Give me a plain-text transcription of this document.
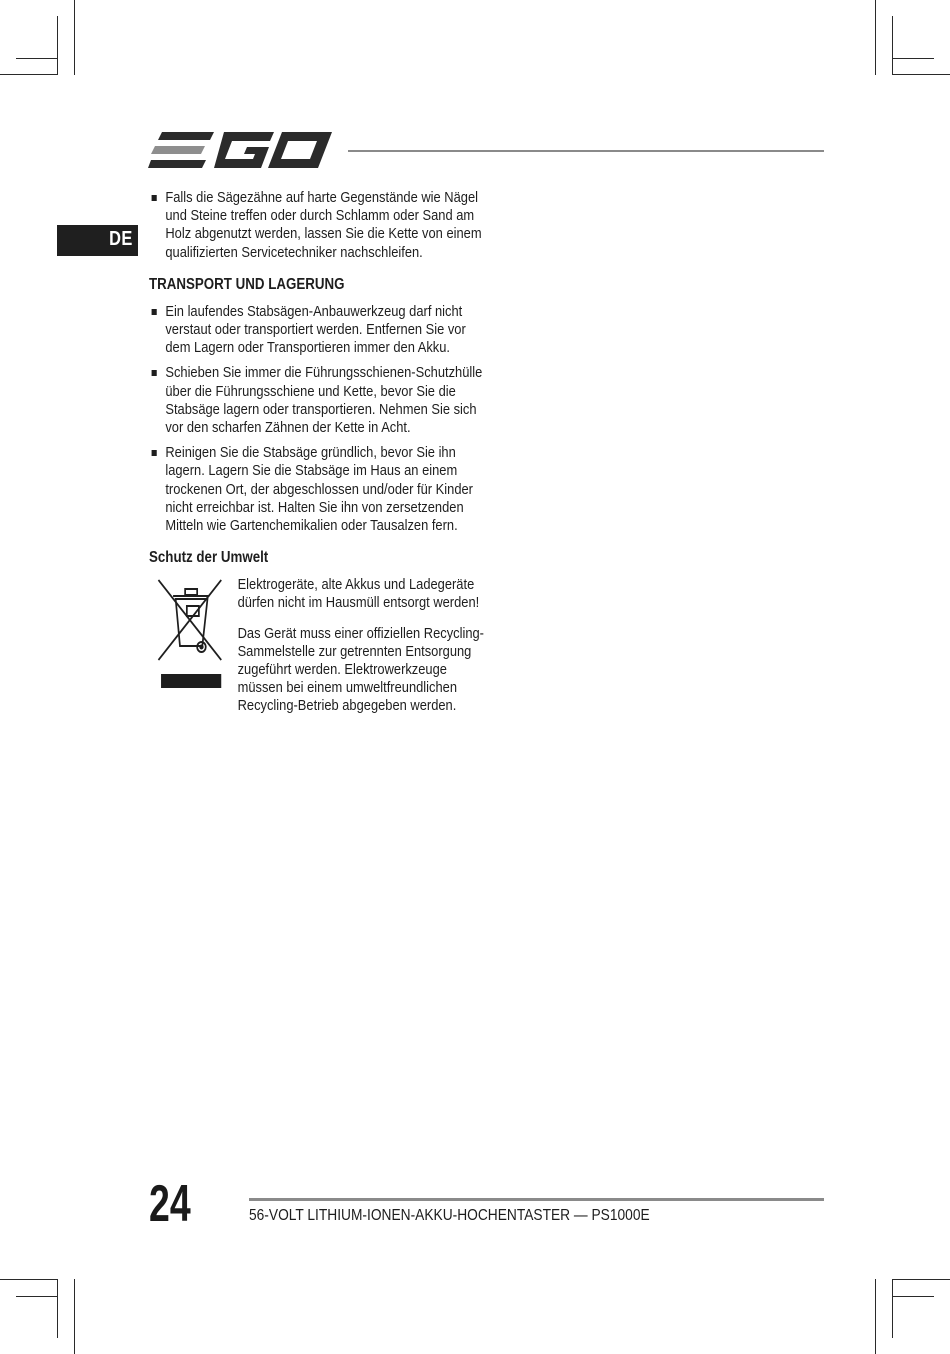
DE
Falls die Sägezähne auf harte Gegenstände wie Nägel und Steine treffen oder durch Schlamm oder Sand am Holz abgenutzt werden, lassen Sie die Kette von einem qualifizierten Servicetechniker nachschleifen.
TRANSPORT UND LAGERUNG
Ein laufendes Stabsägen-Anbauwerkzeug darf nicht verstaut oder transportiert werden. Entfernen Sie vor dem Lagern oder Transportieren immer den Akku.
Schieben Sie immer die Führungsschienen-Schutzhülle über die Führungsschiene und Kette, bevor Sie die Stabsäge lagern oder transportieren. Nehmen Sie sich vor den scharfen Zähnen der Kette in Acht.
Reinigen Sie die Stabsäge gründlich, bevor Sie ihn lagern. Lagern Sie die Stabsäge im Haus an einem trockenen Ort, der abgeschlossen und/oder für Kinder nicht erreichbar ist. Halten Sie ihn von zersetzenden Mitteln wie Gartenchemikalien oder Tausalzen fern.
Schutz der Umwelt

Elektrogeräte, alte Akkus und Ladegeräte dürfen nicht im Hausmüll entsorgt werden!

Das Gerät muss einer offiziellen Recycling-Sammelstelle zur getrennten Entsorgung zugeführt werden. Elektrowerkzeuge müssen bei einem umweltfreundlichen Recycling-Betrieb abgegeben werden.

24	56-VOLT LITHIUM-IONEN-AKKU-HOCHENTASTER — PS1000E
